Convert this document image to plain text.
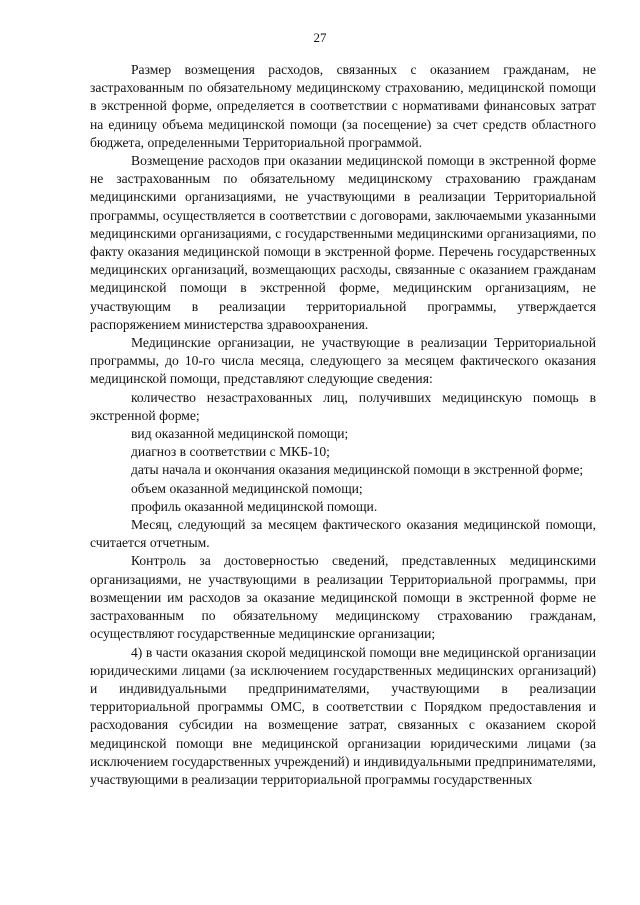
27

Размер возмещения расходов, связанных с оказанием гражданам, не застрахованным по обязательному медицинскому страхованию, медицинской помощи в экстренной форме, определяется в соответствии с нормативами финансовых затрат на единицу объема медицинской помощи (за посещение) за счет средств областного бюджета, определенными Территориальной программой.

Возмещение расходов при оказании медицинской помощи в экстренной форме не застрахованным по обязательному медицинскому страхованию гражданам медицинскими организациями, не участвующими в реализации Территориальной программы, осуществляется в соответствии с договорами, заключаемыми указанными медицинскими организациями, с государственными медицинскими организациями, по факту оказания медицинской помощи в экстренной форме. Перечень государственных медицинских организаций, возмещающих расходы, связанные с оказанием гражданам медицинской помощи в экстренной форме, медицинским организациям, не участвующим в реализации территориальной программы, утверждается распоряжением министерства здравоохранения.

Медицинские организации, не участвующие в реализации Территориальной программы, до 10-го числа месяца, следующего за месяцем фактического оказания медицинской помощи, представляют следующие сведения:

количество незастрахованных лиц, получивших медицинскую помощь в экстренной форме;

вид оказанной медицинской помощи;

диагноз в соответствии с МКБ-10;

даты начала и окончания оказания медицинской помощи в экстренной форме;

объем оказанной медицинской помощи;

профиль оказанной медицинской помощи.

Месяц, следующий за месяцем фактического оказания медицинской помощи, считается отчетным.

Контроль за достоверностью сведений, представленных медицинскими организациями, не участвующими в реализации Территориальной программы, при возмещении им расходов за оказание медицинской помощи в экстренной форме не застрахованным по обязательному медицинскому страхованию гражданам, осуществляют государственные медицинские организации;

4) в части оказания скорой медицинской помощи вне медицинской организации юридическими лицами (за исключением государственных медицинских организаций) и индивидуальными предпринимателями, участвующими в реализации территориальной программы ОМС, в соответствии с Порядком предоставления и расходования субсидии на возмещение затрат, связанных с оказанием скорой медицинской помощи вне медицинской организации юридическими лицами (за исключением государственных учреждений) и индивидуальными предпринимателями, участвующими в реализации территориальной программы государственных
